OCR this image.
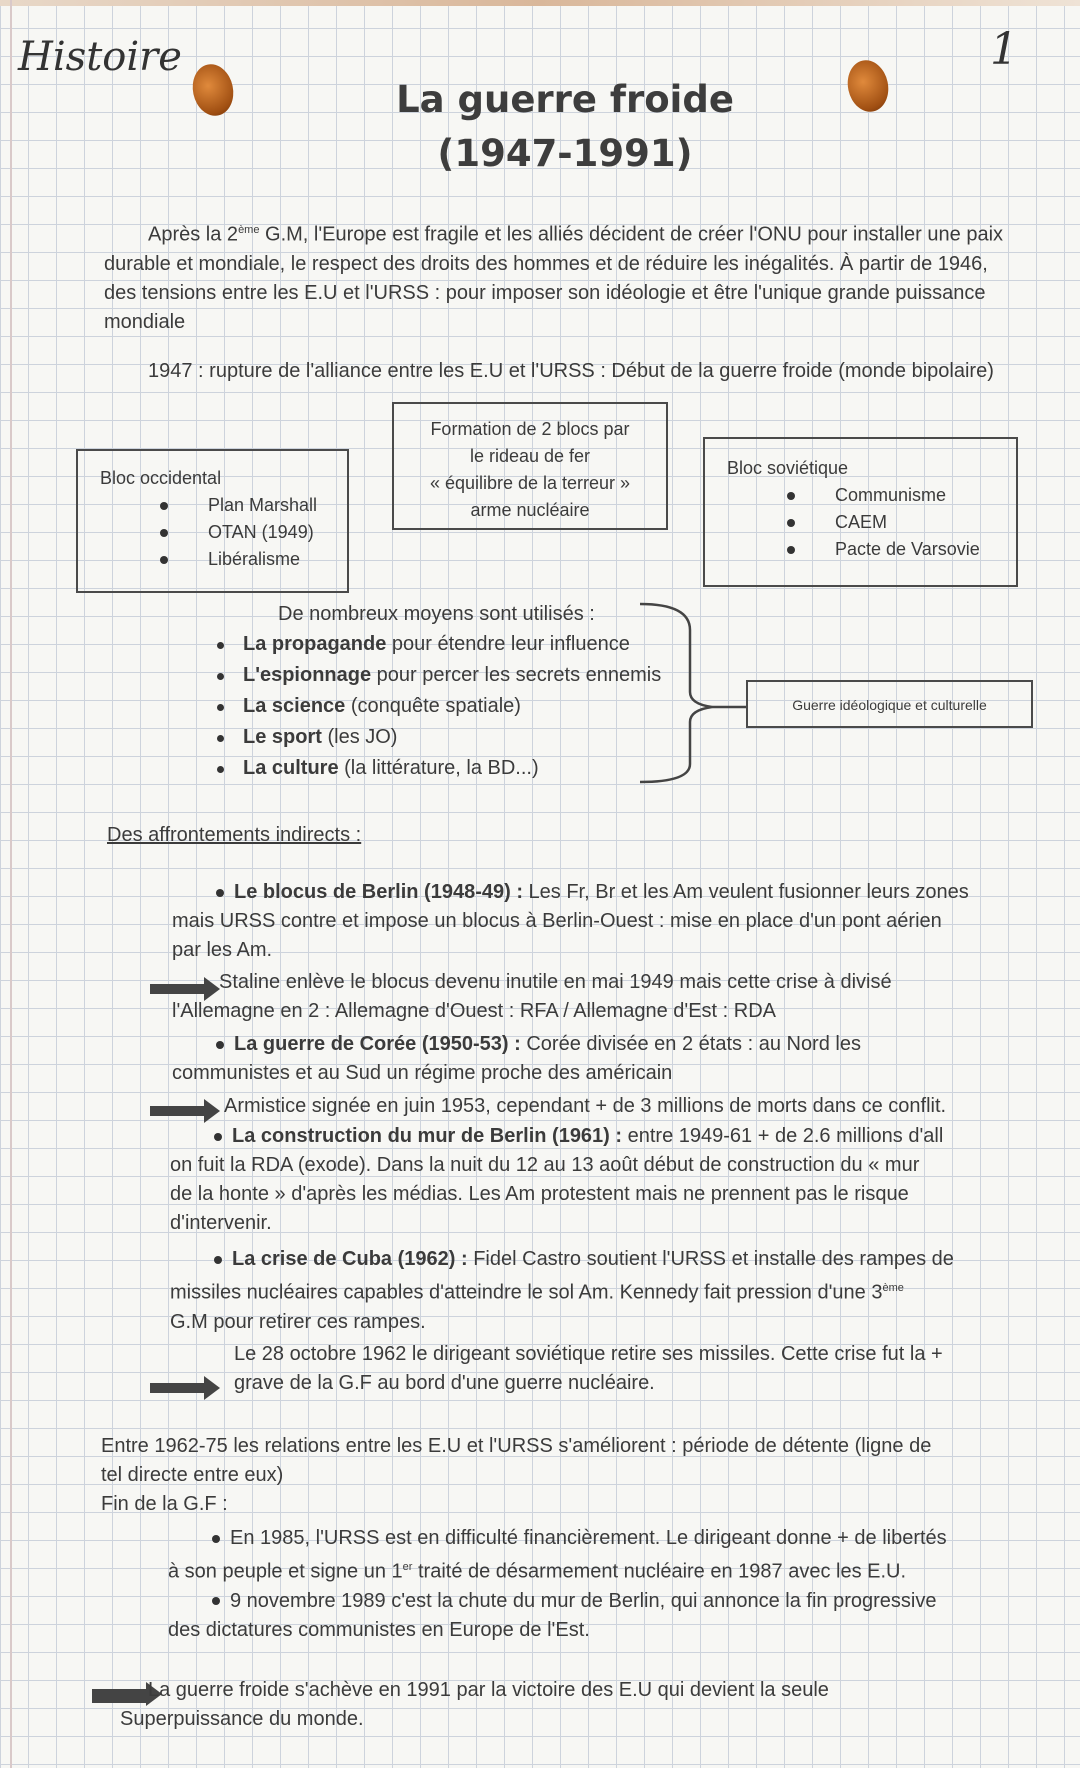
Histoire	1
La guerre froide
(1947-1991)
Après la 2ème G.M, l'Europe est fragile et les alliés décident de créer l'ONU pour installer une paix durable et mondiale, le respect des droits des hommes et de réduire les inégalités. À partir de 1946, des tensions entre les E.U et l'URSS : pour imposer son idéologie et être l'unique grande puissance mondiale
1947 : rupture de l'alliance entre les E.U et l'URSS : Début de la guerre froide (monde bipolaire)
Bloc occidental
Plan Marshall
OTAN (1949)
Libéralisme
Formation de 2 blocs par
le rideau de fer
« équilibre de la terreur »
arme nucléaire
Bloc soviétique
Communisme
CAEM
Pacte de Varsovie
De nombreux moyens sont utilisés :
La propagande pour étendre leur influence
L'espionnage pour percer les secrets ennemis
La science (conquête spatiale)
Le sport (les JO)
La culture (la littérature, la BD...)
Guerre idéologique et culturelle
Des affrontements indirects :
Le blocus de Berlin (1948-49) : Les Fr, Br et les Am veulent fusionner leurs zones
mais URSS contre et impose un blocus à Berlin-Ouest : mise en place d'un pont aérien
par les Am.
Staline enlève le blocus devenu inutile en mai 1949 mais cette crise à divisé
l'Allemagne en 2 : Allemagne d'Ouest : RFA / Allemagne d'Est : RDA
La guerre de Corée (1950-53) : Corée divisée en 2 états : au Nord les
communistes et au Sud un régime proche des américain
Armistice signée en juin 1953, cependant + de 3 millions de morts dans ce conflit.
La construction du mur de Berlin (1961) : entre 1949-61 + de 2.6 millions d'all
on fuit la RDA (exode). Dans la nuit du 12 au 13 août début de construction du « mur
de la honte » d'après les médias. Les Am protestent mais ne prennent pas le risque
d'intervenir.
La crise de Cuba (1962) : Fidel Castro soutient l'URSS et installe des rampes de
missiles nucléaires capables d'atteindre le sol Am. Kennedy fait pression d'une 3ème
G.M pour retirer ces rampes.
Le 28 octobre 1962 le dirigeant soviétique retire ses missiles. Cette crise fut la +
grave de la G.F au bord d'une guerre nucléaire.
Entre 1962-75 les relations entre les E.U et l'URSS s'améliorent : période de détente (ligne de
tel directe entre eux)
Fin de la G.F :
En 1985, l'URSS est en difficulté financièrement. Le dirigeant donne + de libertés
à son peuple et signe un 1er traité de désarmement nucléaire en 1987 avec les E.U.
9 novembre 1989 c'est la chute du mur de Berlin, qui annonce la fin progressive
des dictatures communistes en Europe de l'Est.
La guerre froide s'achève en 1991 par la victoire des E.U qui devient la seule
Superpuissance du monde.
